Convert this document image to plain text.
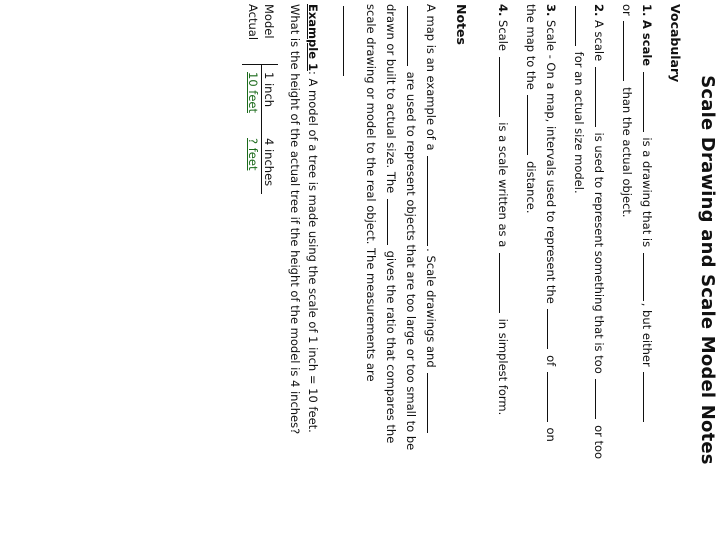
Scale Drawing and Scale Model Notes
Vocabulary
1. A scale  is a drawing that is , but either
or  than the actual object.
2. A scale  is used to represent something that is too  or too
for an actual size model.
3. Scale - On a map, intervals used to represent the  of  on
the map to the  distance.
4. Scale  is a scale written as a  in simplest form.
Notes
A map is an example of a . Scale drawings and
are used to represent objects that are too large or too small to be
drawn or built to actual size. The  gives the ratio that compares the
scale drawing or model to the real object. The measurements are
Example 1: A model of a tree is made using the scale of 1 inch = 10 feet.
What is the height of the actual tree if the height of the model is 4 inches?
Model
Actual
1 inch
10 feet
4 inches
? feet
